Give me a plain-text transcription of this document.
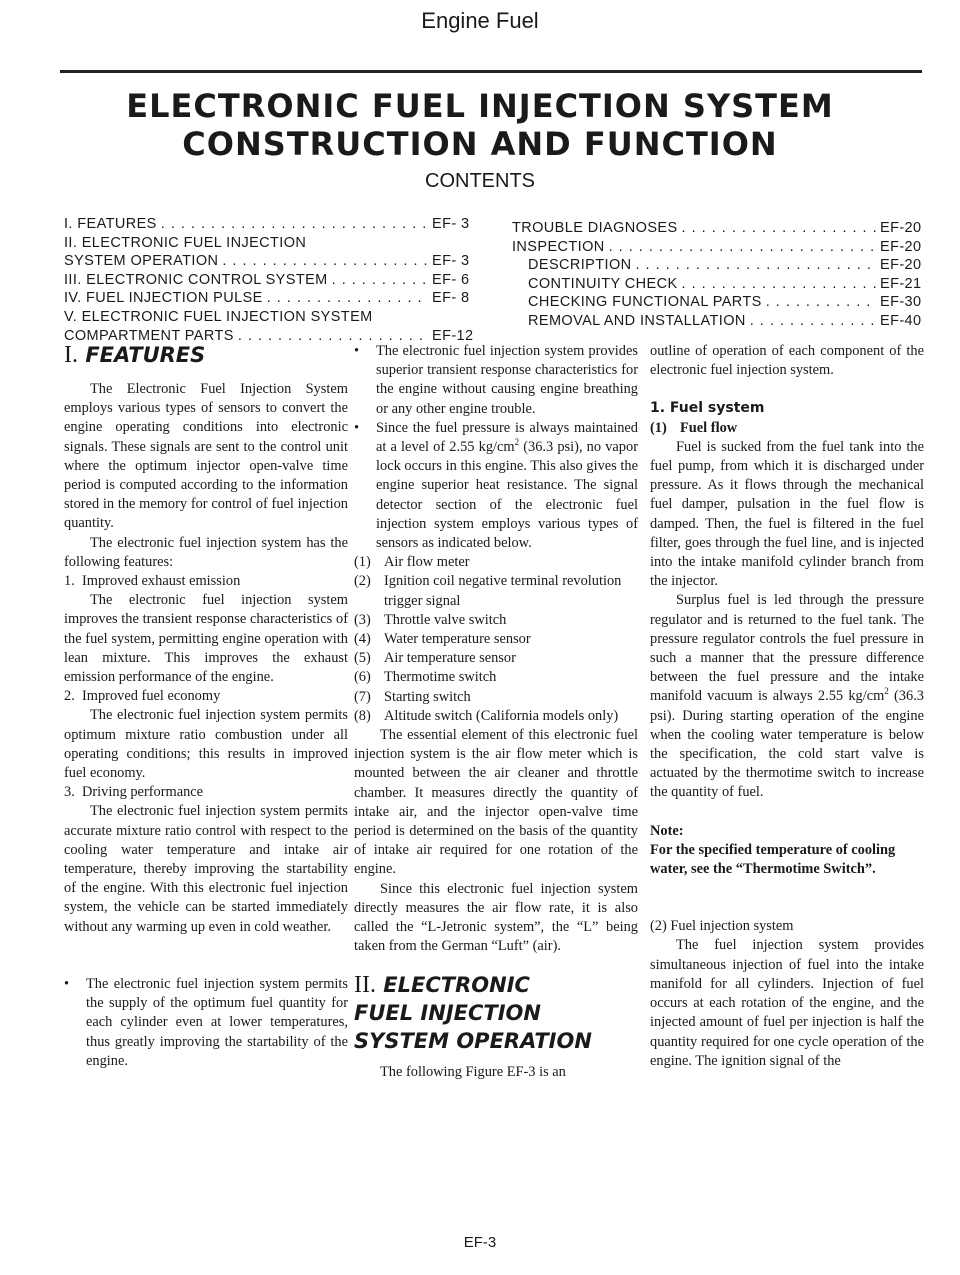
Engine Fuel
ELECTRONIC FUEL INJECTION SYSTEM
CONSTRUCTION AND FUNCTION
CONTENTS
I. FEATURES . . .	EF- 3
II. ELECTRONIC FUEL INJECTION
SYSTEM OPERATION . . .	EF- 3
III. ELECTRONIC CONTROL SYSTEM . . .	EF- 6
IV. FUEL INJECTION PULSE . . .	EF- 8
V. ELECTRONIC FUEL INJECTION SYSTEM
COMPARTMENT PARTS . . .	EF-12
TROUBLE DIAGNOSES . . .	EF-20
INSPECTION . . .	EF-20
DESCRIPTION . . .	EF-20
CONTINUITY CHECK . . .	EF-21
CHECKING FUNCTIONAL PARTS . . .	EF-30
REMOVAL AND INSTALLATION . . .	EF-40
I. FEATURES

The Electronic Fuel Injection System employs various types of sensors to convert the engine operating conditions into electronic signals. These signals are sent to the control unit where the optimum injector open-valve time period is computed according to the information stored in the memory for control of fuel injection quantity.

The electronic fuel injection system has the following features:

1. Improved exhaust emission

The electronic fuel injection system improves the transient response characteristics of the fuel system, permitting engine operation with lean mixture. This improves the exhaust emission performance of the engine.

2. Improved fuel economy

The electronic fuel injection system permits optimum mixture ratio combustion under all operating conditions; this results in improved fuel economy.

3. Driving performance

The electronic fuel injection system permits accurate mixture ratio control with respect to the cooling water temperature and intake air temperature, thereby improving the startability of the engine. With this electronic fuel injection system, the vehicle can be started immediately without any warming up even in cold weather.

•	The electronic fuel injection system permits the supply of the optimum fuel quantity for each cylinder even at lower temperatures, thus greatly improving the startability of the engine.
•	The electronic fuel injection system provides superior transient response characteristics for the engine without causing engine breathing or any other engine trouble.
•	Since the fuel pressure is always maintained at a level of 2.55 $kg/cm^2$ (36.3 psi), no vapor lock occurs in this engine. This also gives the engine superior heat resistance. The signal detector section of the electronic fuel injection system employs various types of sensors as indicated below.
(1) Air flow meter
(2) Ignition coil negative terminal revolution trigger signal
(3) Throttle valve switch
(4) Water temperature sensor
(5) Air temperature sensor
(6) Thermotime switch
(7) Starting switch
(8) Altitude switch (California models only)

The essential element of this electronic fuel injection system is the air flow meter which is mounted between the air cleaner and throttle chamber. It measures directly the quantity of intake air, and the injector open-valve time period is determined on the basis of the quantity of intake air required for one rotation of the engine.

Since this electronic fuel injection system directly measures the air flow rate, it is also called the “L-Jetronic system”, the “L” being taken from the German “Luft” (air).

II. ELECTRONIC
FUEL INJECTION
SYSTEM OPERATION

The following Figure EF-3 is an

outline of operation of each component of the electronic fuel injection system.

1. Fuel system
(1) Fuel flow

Fuel is sucked from the fuel tank into the fuel pump, from which it is discharged under pressure. As it flows through the mechanical fuel damper, pulsation in the fuel flow is damped. Then, the fuel is filtered in the fuel filter, goes through the fuel line, and is injected into the intake manifold cylinder branch from the injector.

Surplus fuel is led through the pressure regulator and is returned to the fuel tank. The pressure regulator controls the fuel pressure in such a manner that the pressure difference between the fuel pressure and the intake manifold vacuum is always 2.55 $kg/cm^2$ (36.3 psi). During starting operation of the engine when the cooling water temperature is below the specification, the cold start valve is actuated by the thermotime switch to increase the quantity of fuel.

Note:

For the specified temperature of cooling water, see the “Thermotime Switch”.

(2) Fuel injection system

The fuel injection system provides simultaneous injection of fuel into the intake manifold for all cylinders. Injection of fuel occurs at each rotation of the engine, and the injected amount of fuel per injection is half the quantity required for one cycle operation of the engine. The ignition signal of the

EF-3
